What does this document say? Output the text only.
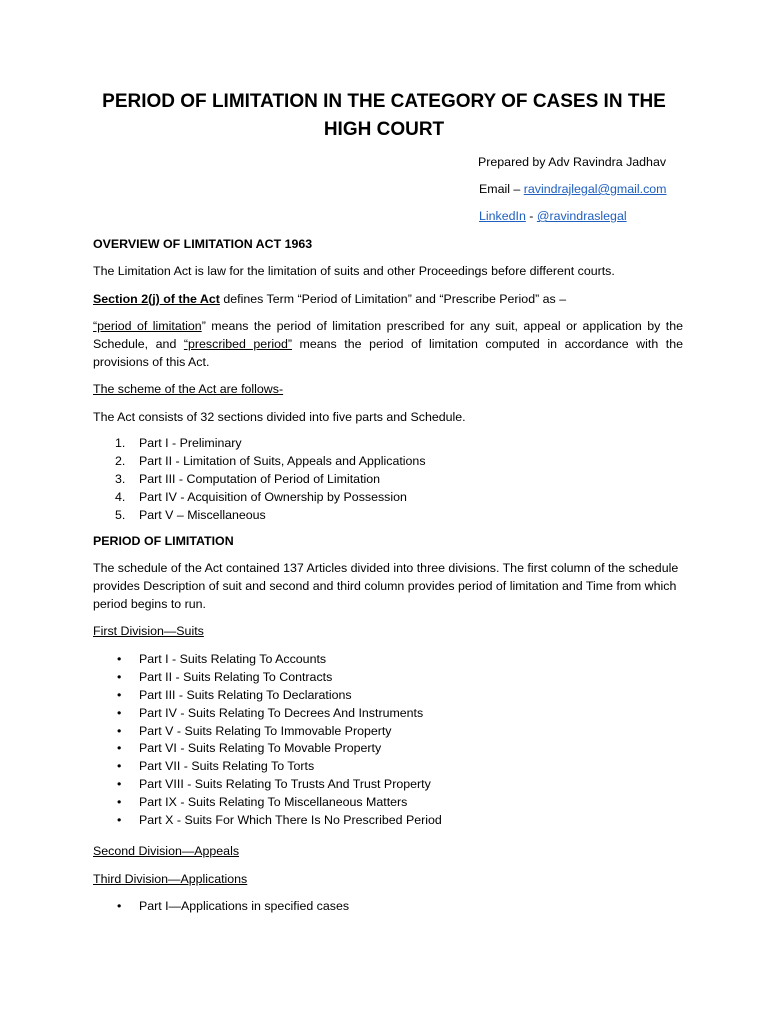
PERIOD OF LIMITATION IN THE CATEGORY OF CASES IN THE
HIGH COURT
Prepared by Adv Ravindra Jadhav
Email – ravindrajlegal@gmail.com
LinkedIn - @ravindraslegal

OVERVIEW OF LIMITATION ACT 1963

The Limitation Act is law for the limitation of suits and other Proceedings before different courts.

Section 2(j) of the Act defines Term “Period of Limitation” and “Prescribe Period” as –

“period of limitation” means the period of limitation prescribed for any suit, appeal or application by the Schedule, and “prescribed period” means the period of limitation computed in accordance with the provisions of this Act.

The scheme of the Act are follows-

The Act consists of 32 sections divided into five parts and Schedule.

1. Part I - Preliminary
2. Part II - Limitation of Suits, Appeals and Applications
3. Part III - Computation of Period of Limitation
4. Part IV - Acquisition of Ownership by Possession
5. Part V – Miscellaneous

PERIOD OF LIMITATION

The schedule of the Act contained 137 Articles divided into three divisions. The first column of the schedule provides Description of suit and second and third column provides period of limitation and Time from which period begins to run.

First Division—Suits

• Part I - Suits Relating To Accounts
• Part II - Suits Relating To Contracts
• Part III - Suits Relating To Declarations
• Part IV - Suits Relating To Decrees And Instruments
• Part V - Suits Relating To Immovable Property
• Part VI - Suits Relating To Movable Property
• Part VII - Suits Relating To Torts
• Part VIII - Suits Relating To Trusts And Trust Property
• Part IX - Suits Relating To Miscellaneous Matters
• Part X - Suits For Which There Is No Prescribed Period

Second Division—Appeals

Third Division—Applications

• Part I—Applications in specified cases
